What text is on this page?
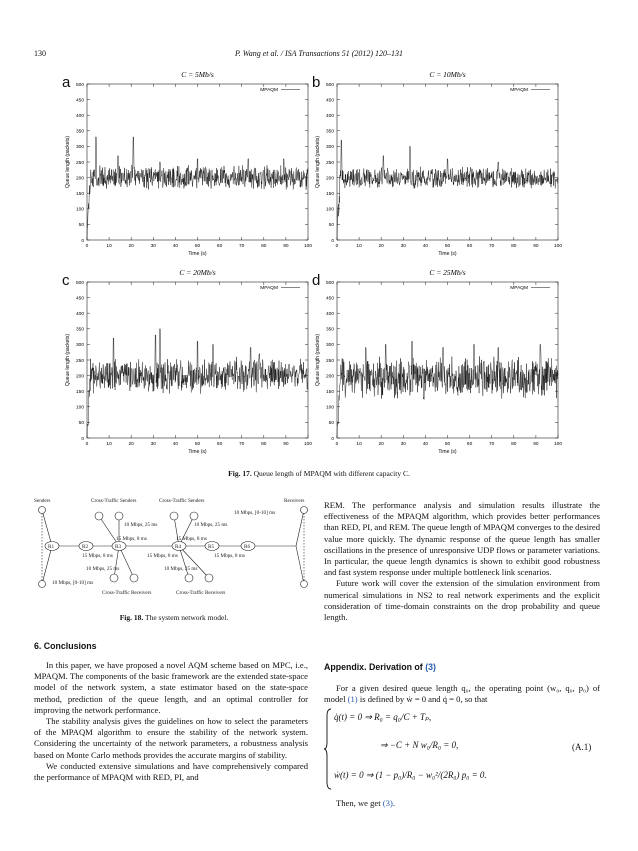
130	P. Wang et al. / ISA Transactions 51 (2012) 120–131
a	C = 5Mb/s
0
50
100
150
200
250
300
350
400
450
500
0	10	20	30	40	50	60	70	80	90	100
Time (s)
Queue length (packets)
MPAQM b	C = 10Mb/s
0
50
100
150
200
250
300
350
400
450
500
0	10	20	30	40	50	60	70	80	90	100
Time (s)
Queue length (packets)
MPAQM
c	C = 20Mb/s
0
50
100
150
200
250
300
350
400
450
500
0	10	20	30	40	50	60	70	80	90	100
Time (s)
Queue length (packets)
MPAQM d	C = 25Mb/s
0
50
100
150
200
250
300
350
400
450
500
0	10	20	30	40	50	60	70	80	90	100
Time (s)
Queue length (packets)
MPAQM
Fig. 17. Queue length of MPAQM with different capacity C.
R1	R2	R3	R4	R5	R6
Senders	Cross-Traffic Senders	Cross-Traffic Senders	Receivers
10 Mbps, [0-10] ms
10 Mbps, 25 ms	10 Mbps, 25 ms
15 Mbps, 8 ms	15 Mbps, 8 ms
15 Mbps, 8 ms	15 Mbps, 8 ms	15 Mbps, 8 ms
10 Mbps, 25 ms	10 Mbps, 25 ms
10 Mbps, [0-10] ms
Cross-Traffic Receivers	Cross-Traffic Receivers
Fig. 18. The system network model.
6. Conclusions

In this paper, we have proposed a novel AQM scheme based on MPC, i.e., MPAQM. The components of the basic framework are the extended state-space model of the network system, a state estimator based on the state-space method, prediction of the queue length, and an optimal controller for improving the network performance.

The stability analysis gives the guidelines on how to select the parameters of the MPAQM algorithm to ensure the stability of the network system. Considering the uncertainty of the network parameters, a robustness analysis based on Monte Carlo methods provides the accurate margins of stability.

We conducted extensive simulations and have comprehensively compared the performance of MPAQM with RED, PI, and

REM. The performance analysis and simulation results illustrate the effectiveness of the MPAQM algorithm, which provides better performances than RED, PI, and REM. The queue length of MPAQM converges to the desired value more quickly. The dynamic response of the queue length has smaller oscillations in the presence of unresponsive UDP flows or parameter variations. In particular, the queue length dynamics is shown to exhibit good robustness and fast system response under multiple bottleneck link scenarios.

Future work will cover the extension of the simulation environment from numerical simulations in NS2 to real network experiments and the explicit consideration of time-domain constraints on the drop probability and queue length.

Appendix. Derivation of (3)

For a given desired queue length q₀, the operating point (w₀, q₀, p₀) of model (1) is defined by ẇ = 0 and q̇ = 0, so that

q̇(t) = 0 ⇒ R₀ = q₀/C + Tₚ,
⇒ −C + N w₀/R₀ = 0,
ẇ(t) = 0 ⇒ (1 − p₀)/R₀ − w₀²/(2R₀) p₀ = 0.
(A.1)

Then, we get (3).
